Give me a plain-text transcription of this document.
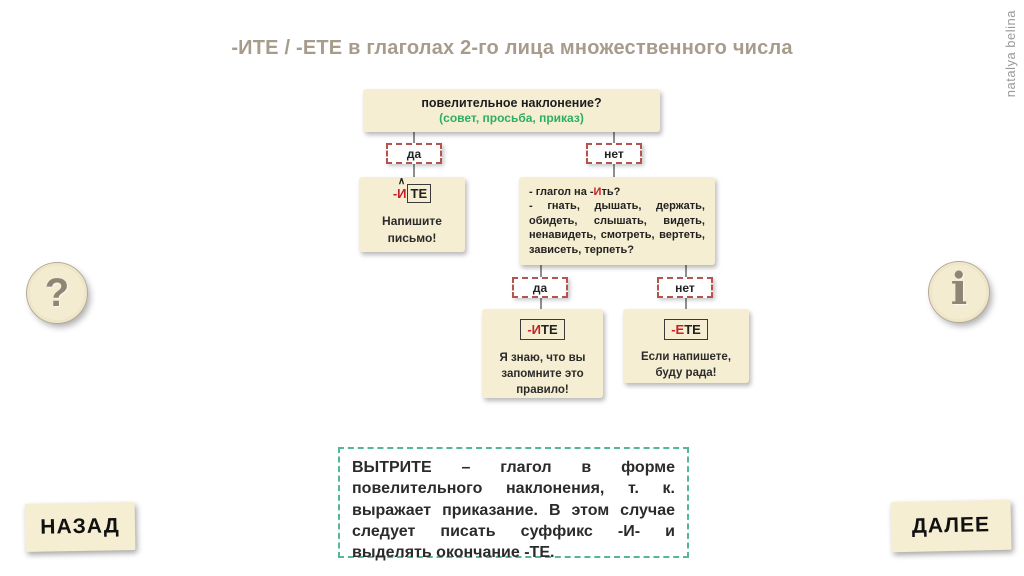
-ИТЕ / -ЕТЕ в глаголах 2-го лица множественного числа	natalya belina
повелительное наклонение?
(совет, просьба, приказ)
да	нет
∧
-И ТЕ
Напишите письмо!
- глагол на -Ить?
- гнать, дышать, держать, обидеть, слышать, видеть, ненавидеть, смотреть, вертеть, зависеть, терпеть?
да	нет
-ИТЕ
Я знаю, что вы запомните это правило!
-ЕТЕ
Если напишете, буду рада!
ВЫТРИТЕ – глагол в форме повелительного наклонения, т. к. выражает приказание. В этом случае следует писать суффикс -И- и выделять окончание -ТЕ.
НАЗАД	ДАЛЕЕ
?	i
